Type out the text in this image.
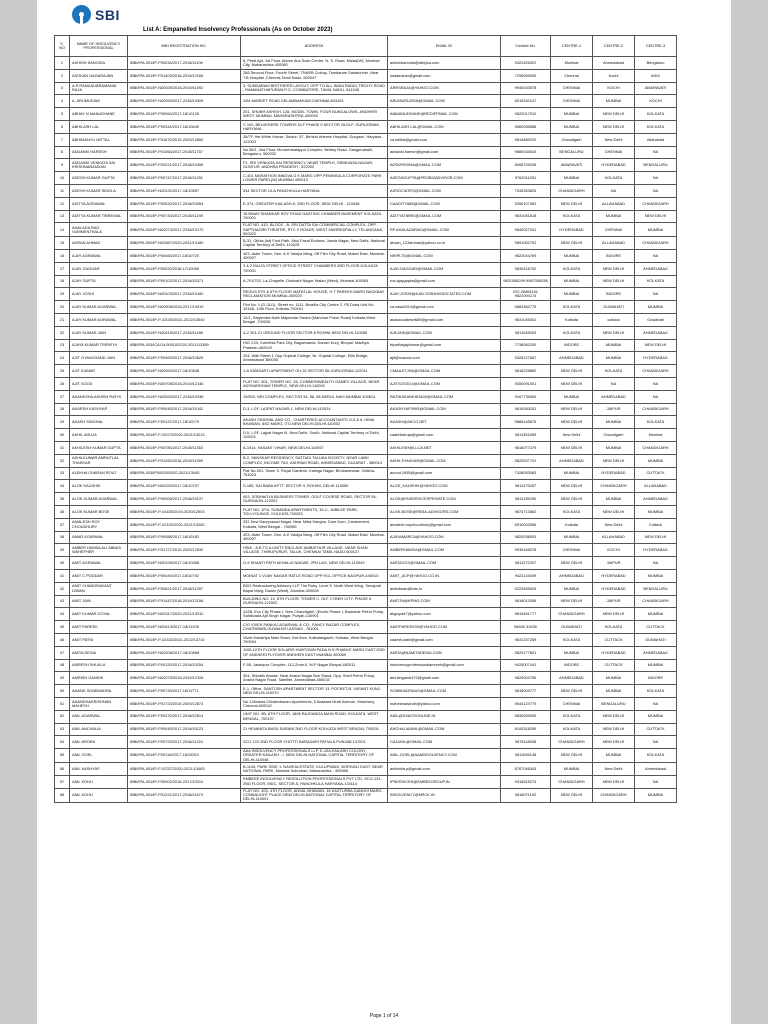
SBI
List A: Empanelled Insolvency Professionals (As on October 2023)
S. NO	NAME OF INSOLVENCY PROFESSIONAL	IBBI REGISTRATION NO.	ADDRESS	EMAIL ID	Contact No.	CENTRE-1	CENTRE-2	CENTRE-3
1	ASHISH KANODIA	IBBI/IPA-001/IP-P00034/2017-2018/11106	8, Petal Apt, 1st Floor, Above Ans Scan Centre, N. S. Road, Malad(W), Mumbai City, Maharashtra-400080	ashishkanodia@atlnjica.com	9322426322	Mumbai	Ahmedabad	Bengaluru
2	ASOKAN NAGARAJAN	IBBI/IPA-001/IP-P01403/2018-2019/12168	288,Second Floor, Fourth Street, TNHEB Colony, Tambaram Sanatorium ,Near T.B Hospital ,Chennai,Tamil Nadu- 600047	nasasokan@gmail.com	7299059005	Chennai	Kochi	#N/A
3	A R RAMASUBRAMANIA RAJA	IBBI/IPA-001/IP-N00025/2018-2019/11092	3, SUNDARAM BROTHERS LAYOUT, OPP TO ALL INDIA RADIO,TRICHY ROAD , RAMANATHAPURAM P.O, COIMBATORE, TAMIL NADU- 641045	ARRSRAJA@YAHOO.COM	9940043578	CHENNAI	KOCHI	AMARAVATI
4	A. ARUMUGAM	IBBI/IPA-002/IP-N00094/2017-2018/10306	1/54 MARKET ROAD KELAMBAKKAM CHENNAI-603103	ARUMURU2008@GMAIL.COM	8015240147	CHENNAI	MUMBAI	KOCHI
5	ABHAY N MANUDHANE	IBBI/IPA-001/IP-P00064/2017-18/10128	201, SHUBH ASHISH, 128, MODEL TOWN, FOUR BUNGALOWS, ANDHERI WEST, MUMBAI, MAHARASHTRA-400053	ANMANUDHANE@REDIFFMAIL.COM	9820017910	MUMBAI	NEW DELHI	KOLKATA
6	ABHILASH LAL	IBBI/IPA-001/IP-P00344/2017-18/10645	C 100, BELVEDERE TOWERS DLF PHASE II SECTOR 25,DLF, GURUGRAM, HARYANA	ABHILASH.LAL@GMAIL.COM	9560055588	MUMBAI	NEW DELHI	KOLKATA
7	ABHIMANYU MITTAL	IBBI/IPA-001/IP-P01670/2019-2020/12850	28/7F, the White House, Sector- 57, Behind Artemis Hospital, Gurgaon, Haryana - 122003	ca.imittal@gmail.com	9814889220	Chandigarh	New Delhi	Allahabad
8	ADDANKI HARESH	IBBI/IPA-001/IP-P01064/2017-2018/11757	No.36/1, 2nd Floor, Munivenkatappa Complex, Bellary Road, Gangenahalli, Bengaluru- 560032	addanki.haresh@gmail.com	9880034043	BENGALURU	CHENNAI	NA
9	ADDANKI VENKATA SAI KRISHNANANDAN	IBBI/IPA-001/IP-P00221/2017-2018/10496	F1, SRI VENKATA SAI RESIDENCY, NEAR TEMPLE, SRINIVASA NAGAR, GUNTUR, ANDHRA PRADESH - 522002	AVSKRISHNA@GMAIL.COM	8008705208	AMARAVATI	HYDERABAD	BENGALURU
10	ADESH KUMAR GUPTA	IBBI/IPA-001/IP-P00747/2017-2018/11251	C-401 MARATHON INNOVA G K MARG OPP PENINSULA CORPORATE PARK LOWER PAREL(W) MUMBAI 400013	ADESHGUPTA@PROBIZADVISOR.COM	9762011251	MUMBAI	KOLKATA	NA
11	ADESH KUMAR SINGLA	IBBI/IPA-001/IP-N00131/2017-18/10557	334 SECTOR 10-A PANCHKULA HARYANA	ASSOCIATES@GMAIL.COM	7045353825	CHANDIGARH	NA	NA
12	ADITYA AGRAWAL	IBBI/IPA-001/IP-P00520/2017-2018/10954	E-374, GREATER KAILASH-II, 2ND FLOOR, NEW DELHI - 110048	CAADITYA85@GMAIL.COM	9350107062	NEW DELHI	ALLAHABAD	CHANDIGARH
13	ADITYA KUMAR TIBREWAL	IBBI/IPA-001/IP-P00743/2017-2018/11249	15 BINAY SHANKAR ROY ROAD HASTING CHAMBER BASEMENT KOLKATA 700001	ADITYATIBRE@GMAIL.COM	9831051618	KOLKATA	MUMBAI	NEW DELHI
14	AHALADA RAO VUMMENTHALA	IBBI/IPA-002/IP-N00074/2017-2018/10172	FLAT NO. 410, BLOCK - B, SRI DATTA SAI COMMERCIAL COMPLEX, OPP. SAPTHAGIRI THEATRE, RTC X ROADS, WEST MARREDPALLY, TELANGANA 500020	RP.AHALADARAO@GMAIL.COM	9849027041	HYDERABAD	CHENNAI	MUMBAI
15	AHSAN AHMAD	IBBI/IPA-002/IP-N00387/2020-2021/13180	B-31, Okhla (Ist) Foot Path, Abul Fazal Enclave, Jamia Nagar, New Delhi, National Capital Territory of Delhi, 110025	ahsan_123ahmad@yahoo.co.in	9891052751	NEW DELHI	ALLAHABAD	CHANDIGARH
16	AJAY AGRAWAL	IBBI/IPA-001/IP-P00460/2017-18/10720	403, Aster Tower, Gen. A.K Vaidya Marg, Off Film City Road, Malad East, Mumbai-400097.	NRIPLTD@GMAIL.COM	9822044769	MUMBAI	INDORE	NA
17	AJAY GAGGAR	IBBI/IPA-001/IP-P00020/2016-17/10066	3 & 2 RALTA STREET OFFICE STREET CHAMBERS 3RD FLOOR KOLKATA 700001	AJAY.GAGGAR@GMAIL.COM	9830416752	KOLKATA	NEW DELHI	AHMEDABAD
18	AJAY GUPTA	IBBI/IPA-001/IP-P00102/2017-2018/10371	A-701/702, La-Chapelle, Dindoshi Nagar, Malad (West), Mumbai-400064	rca.ajaygupta@gmail.com	9821058299 9987006258	MUMBAI	NEW DELHI	KOLKATA
19	AJAY JOSHI	IBBI/IPA-003/IP-N00103/2017-2018/10160	REGUS 5TH & 6TH FLOOR MAFATLAL HOUSE, H.T PAREKH MARG BACKBAY RECLAMATION MUMBAI-400020	AJAY.JOSHI@AJAYJOSHIASSOCIATES.COM	022-26851151 9822094174	MUMBAI	INDORE	NA
20	AJAY KUMAR AGARWAL	IBBI/IPA-001/IP-N00008/2016-2017/10019	Plot No. 1 (D-31/1), Street no. 1111, Brazilia City Centre 2, P5 Duba Unit No. 1015A, 10th Floor, Kolkata-700161	ca.casa2014@gmail.com	9883362775	KOLKATA	GUWAHATI	MUMBAI
21	AJAY KUMAR AGRAWAL	IBBI/IPA-001/IP-P-02030/2021-2022/13540	12/1, Satyendra Nath Majumdar Sarani (Manohar Pukur Road) Kolkata,West Bengal ,700026	akassociatesrt689@gmail.com	9831045001	Kolkata	cuttack	Guwahati
22	AJAY KUMAR JAIN	IBBI/IPA-001/IP-N00415/2017-2018/11186	A-2 301-21 GROUND FLOOR SECTOR-8 ROHINI NEW DELHI-110085	AJKJAIN@GMAIL.COM	9811045003	KOLKATA	NEW DELHI	AHMEDABAD
23	AJAYA KUMAR TRIPATHI	IBBI/IPA-003/ICAI-N-00510/2020-2021/13389	HIG C20, Kohefiza Park City, Bagsewania, Danish Kunj, Bhopal, Madhya Pradesh-462043	tripathiajaykumar@gmail.com	7738062200	INDORE	MUMBAI	NEW DELHI
24	AJIT GYANCHAND JAIN	IBBI/IPA-001/IP-P00369/2017-2018/10625	204, Wall Street 1 Opp Gujarat College, Nr. Gujarat College, Ellis Bridge, Ahmedabad 380006	ajit@ncanca.com	9328127667	AHMEDABAD	MUMBAI	HYDERABAD
25	AJIT KUMAR	IBBI/IPA-001/IP-N00053/2017-18/10548	1-A SAMSARTI APARTMENT GH-32 SECTOR 56 GURUGRAM-122011	CMAAJITJHA@GMAIL.COM	9818228882	NEW DELHI	KOLKATA	CHANDIGARH
26	AJIT SOOD	IBBI/IPA-002/IP-N00708/2018-2019/12146	FLAT NO. 501, TOWER NO. 26, COMMONWEALTH GAMES VILLAGE, NEAR AKSHARDHAM TEMPLE, NEW DELHI-110092	AJITSOOD14@GMAIL.COM	9350091001	NEW DELHI	NA	NA
27	AKANKSHA ASHISH RATHI	IBBI/IPA-001/IP-N00533/2017-2018/10936	19/503, NRI COMPLEX, SECTOR 54, 56, 58 NERUL NAVI MUMBAI 400614	RATHIAKANKSHA00@GMAIL.COM	9167735069	MUMBAI	AHMEDABAD	NA
28	AKARSH KASHYAP	IBBI/IPA-001/IP-P00045/2017-2018/11042	D-3, LGF, LAJPAT NAGAR-1, NEW DELHI-110024	AKASHYAP3993@GMAIL.COM	9810083151	NEW DELHI	JAIPUR	CHANDIGARH
29	AKASH SINGHAL	IBBI/IPA-001/IP-P00137/2017-18/10279	AKASH SINGHAL AND CO., CHARTERED ACCOUNTANTS G-5 & 6, HIMA BHAWAN, 8/52 MARG, ITO,NEW DELHI,DELHI-110002	AKASH@AKCO.NET	9868145676	NEW DELHI	MUMBAI	KOLKATA
30	AKHIL AHUJA	IBBI/IPA-001/IP-P-02072/2020-2021/13213	D-II, LGF, Lajpat Nagar III, New Delhi, South, National Capital Territory of Delhi, 110024	caakhilahuja@gmail.com	9811351559	New Delhi	Chandigarh	Mumbai
31	AKHILESH KUMAR GUPTA	IBBI/IPA-001/IP-P00780/2017-2018/11353	A-1014, VASANT VIHAR, NEW DELHI-110057	AKHILESH@LLCA.NET	9818077379	NEW DELHI	MUMBAI	CHANDIGARH
32	AKHILKUMAR AMRUTLAL THAKKAR	IBBI/IPA-001/IP-P01282/2018-2019/11950	B-2, SANSKAR RESIDENCY, SATTADI TALUKA SOCIETY, NEAR LABH COMPLEX, INCOME TAX, ASHRAM ROAD, AHMEDABAD, GUJARAT - 380014	AKHILTHAKKAR@GMAIL.COM	9825207701	AHMEDABAD	NEW DELHI	MUMBAI
33	ALEKHA CHARAN ROUT	IBBI/IPA-003/IP00020/2020-2021/13045	Flat No.301, Tower 5, Royal Gardens, Kalinga Nagar, Bhubaneswar, Odisha-751003	acrout.1955@gmail.com	7428053063	MUMBAI	HYDERABAD	CUTTACK
34	ALOK KAUSHIK	IBBI/IPA-001/IP-N00253/2017-18/10707	S-185, SAI BABA APTT. SECTOR 9, ROHINI, DELHI-110085	ALOK_KAUSHIK@YAHOO.COM	9811475267	NEW DELHI	CHANDIGARH	ALLAHABAD
35	ALOK KUMAR AGARWAL	IBBI/IPA-001/IP-P00009/2017-2018/10137	403, SOBHAGYA BUSINESS TOWER, GOLF COURSE ROAD, SECTOR 54, GURGAON-122002	ALOK@KNSERVICESPRIVATE.COM	9811135250	NEW DELHI	MUMBAI	AHMEDABAD
36	ALOK KUMAR BOSE	IBBI/IPA-001/IP-P-01620/2019-2020/12503	FLAT NO. 1F/4, SUNANDA APARTMENTS, 15-C, JUBILEE PARK, TOLLYGUNGE, KOLKATA 700033	ALOK.BOSE@RBSA-ADVISORS.COM	9874713862	KOLKATA	NEW DELHI	MUMBAI
37	AMALESH ROY CHOUDHURY	IBBI/IPA-001/IP-P-02102/2020-2021/13262	332 Devi Sanrprasad Nagar, Near Mitra Sangha, Dum Dum, Cantonment, Kolkata, West Bengal - 700065	amalesh.roychoudhury@gmail.com	8910002556	Kolkata	New Delhi	Cuttack
38	AMAR AGARWAL	IBBI/IPA-001/IP-P00088/2017-18/10182	403, Aster Tower, Gen. A.K Vaidya Marg, Off Film City Road, Malad East, Mumbai-400097	AJAYAMARCA@YAHOO.COM	9820038053	MUMBAI	ALLAHABAD	NEW DELHI
39	AMBER HAMSA ALI ABBAS WAHEFHER	IBBI/IPA-001/IP-P01727/2019-2020/12630	HSIK - 8-B TO A UNITY ENCLAVE,AMBATHUR VILLAGE, NEAR SHAN VILLAGE, THIRUPURUR, TALUK, CHENNAI TAMIL NADU 600127	AMBERHAMSA@GMAIL.COM	9930446078	CHENNAI	KOCHI	HYDERABAD
40	AMIT AGRAWAL	IBBI/IPA-001/IP-N00195/2017-18/10458	G-9 SHANTI PATH AKHALIJI NAGAR, JPN LAG, NEW DELHI-110049	AMITAGCS@GMAIL.COM	9811272307	NEW DELHI	JAIPUR	NA
41	AMIT C PODDAR	IBBI/IPA-001/IP-P00449/2017-18/10792	MOINAT 1 VIJAY NAGAR RATLE ROAD OPP HCL OFFICE NAGPUR-440010	AMIT_ACP@YAHOO.CO.IN	9422116009	AHMEDABAD	HYDERABAD	MUMBAI
42	AMIT CHANDRAKANT DIWAN	IBBI/IPA-001/IP-P00621/2017-2018/11397	BDO Restructuring Advisory LLP The Ruby, Level 9, North West Wing, Senapati Bapat Marg, Dadar (West), Mumbai-400028	amitdiwan@bdo.in	9223455525	MUMBAI	HYDERABAD	BENGALURU
43	AMIT JAIN	IBBI/IPA-001/IP-P01447/2018-2019/12156	BUILDING NO. 10, 8TH FLOOR, TOWER C, DLF CYBER CITY, PHASE II, GURGAON-122002	AMITJN@KPMG.COM	9818012006	NEW DELHI	JAIPUR	CHANDIGARH
44	AMIT KUMAR GOYAL	IBBI/IPA-001/IP-N00317/2020-2021/13242	412B, Eco City Phase-I, New Chandigarh, (Exotic Phase I, Backside Petrol Pump, Sahibzada Ajit Singh Nagar, Punjab-140901	akgoyal47@yahoo.com	9815451777	CHANDIGARH	NEW DELHI	MUMBAI
45	AMIT PAREEK	IBBI/IPA-001/IP-N00413/2017-18/11205	C/O VIVEK PANKAJ AGARWAL & CO., FANCY BAZAR COMPLEX, CHATRIBARI,GUWAHATI,ASSAM , 781001	AMITPAREEK09@YAHOO.COM	98640 31535	GUWAHATI	KOLKATA	CUTTACK
46	AMIT PATNI	IBBI/IPA-001/IP-P-02432/2021-2022/13710	Vivek Kshatriya Main Road, 2nd floor, Kolkatangachi, Kolkata, West Bengal-700094	caamit.patni@gmail.com	9831237269	KOLKATA	CUTTACK	GUWAHATI
47	AMITA DESAI	IBBI/IPA-001/IP-N00206/2017-18/10668	1105-10TH FLOOR SOLARIS HUBTOWN PADA N S PHADKE MARG EAST END OF ANDHERI FLYOVER ANDHERI EAST MUMBAI 400069	AMITA@NAMITADESAI.COM	9820177601	MUMBAI	HYDERABAD	AHMEDABAD
48	AMRESH SHUKLA	IBBI/IPA-001/IP-P00120/2017-2018/10254	F-95, Jadavpur Complex, 112,Zone-II, M.P Nagar Bhopal-462011	insolvencyprofessionalamresh@gmail.com	9425007441	INDORE	CUTTACK	MUMBAI
49	AMRISH GANDHI	IBBI/IPA-001/IP-N00075/2018-2019/12106	304, Shivalik Abaise, Near Anand Nagar Bus Stand, Opp. Shell Petrol Pump, Anand Nagar Road, Satellite, Ahmedabad-380015	amrishgandhi72@gmail.com	9825004756	AHMEDABAD	MUMBAI	INDORE
50	ANAND SONBHADRA	IBBI/IPA-001/IP-P00739/2017-18/11771	E-1, Office, SANTOSH APARTMENT SECTOR 13, POCKET-B, VASANT KUNJ, NEW DELHI-110070	SONBHADRAAS@GMAIL.COM	9818009777	NEW DELHI	MUMBAI	KOLKATA
51	ANANDHAKRISHNAN MAHESH	IBBI/IPA-001/IP-P01723/2019-2020/12873	No 1,Madras Chidambaram Apartments, 5 Baskara Murti Avenue, Velachery, Chennai-600042	maheshanandh@yahoo.com	9544124779	CHENNAI	BENGALURU	NA
52	ANIL AGARWAL	IBBI/IPA-001/IP-P00370/2017-2018/10514	UNIT NO. 9B, 6TH FLOOR, 1806 RAJDANGA MAIN ROAD, KOLKATA, WEST BENGAL, 700107	ANIL@DVACRONLINE.IN	9830059005	KOLKATA	NEW DELHI	MUMBAI
53	ANIL ANCHALIA	IBBI/IPA-001/IP-P00049/2017-2018/10123	21 HEMANTA BASU SARANI 2ND FLOOR KOLKATA WEST BENGAL 700001	ANCHALIAANIL@GMAIL.COM	8100318259	KOLKATA	NEW DELHI	CUTTACK
54	ANIL ARORA	IBBI/IPA-001/IP-P00723/2017-2018/11224	SCO 122 2ND FLOOR CHOTTI BARADARI PATIALA PUNJAB 147001	CAJANIL@GMAIL.COM	9876118008	CHANDIGARH	NEW DELHI	NA
55	ANIL GOEL	IBBI/IPA-001/IP-P00118/2017-18/10253	AAA INSOLVENCY PROFESSIONALS LLP, E-10A KAILASH COLONY GREATER KAILASH - I, NEW DELHI,NATIONAL CAPITAL TERRITORY OF DELHI-110048	ANIL.GOEL@AAAINSOLVENCY.COM	9811055148	NEW DELHI	MUMBAI	KOLKATA
56	ANIL KASHYAP	IBBI/IPA-001/IP-P-02327/2020-2021/13483	B-1106, PARK SIDE 1, NAHEJA ESTATE, KULUPWADI, BORIVALI EAST, NEAR NATIONAL PARK, Mumbai Suburban, Maharashtra - 400066	anilsinila.p@gmail.com	8767046343	MUMBAI	New Delhi	Ahmedabad
57	ANIL KOHLI	IBBI/IPA-001/IP-P00002/2016-2017/10010	EMBEEE INSOLVENCY RESOLUTION PROFESSIONALS PVT LTD, SCO-131, 2ND FLOOR, MDC, SECTOR-5, PANCHKULA HARYANA-134114	IPSERVICES@EMBEEGROUP.IN	9316515274	CHANDIGARH	NEW DELHI	NA
58	ANIL KOHLI	IBBI/IPA-001/IP-P01221/2017-2018/11874	FLAT NO. 403, 4TH FLOOR, ANSAL BHAWAN, 16 KASTURBA GANDHI MARG, CONNAUGHT PLACE,NEW DELHI,NATIONAL CAPITAL TERRITORY OF DELHI-110001	INSOLVENCY@NRCK.IN	9818071192	NEW DELHI	CHANDIGARH	MUMBAI
Page 1 of 14
